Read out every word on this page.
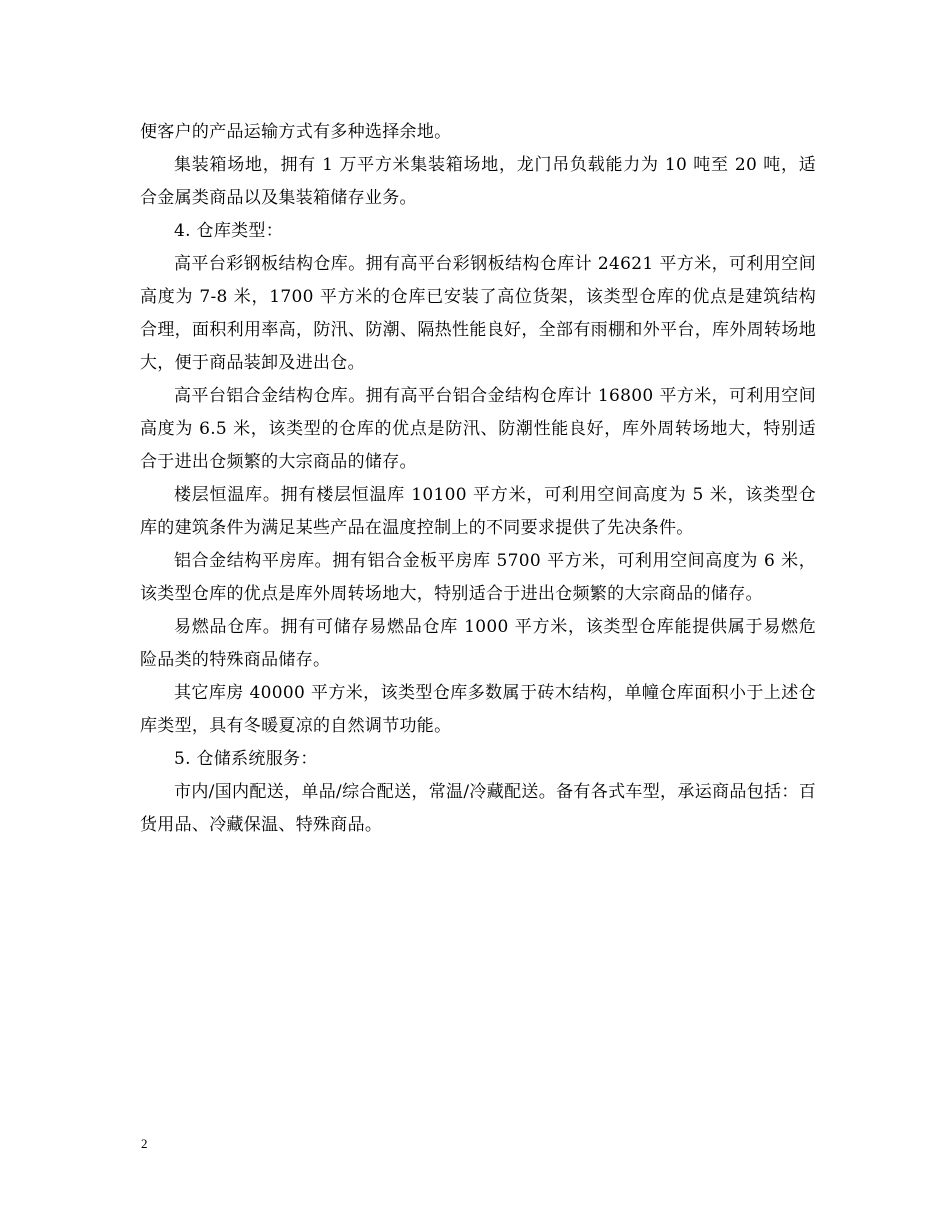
便客户的产品运输方式有多种选择余地。

集装箱场地，拥有 1 万平方米集装箱场地，龙门吊负载能力为 10 吨至 20 吨，适合金属类商品以及集装箱储存业务。

4. 仓库类型：

高平台彩钢板结构仓库。拥有高平台彩钢板结构仓库计 24621 平方米，可利用空间高度为 7-8 米，1700 平方米的仓库已安装了高位货架，该类型仓库的优点是建筑结构合理，面积利用率高，防汛、防潮、隔热性能良好，全部有雨棚和外平台，库外周转场地大，便于商品装卸及进出仓。

高平台铝合金结构仓库。拥有高平台铝合金结构仓库计 16800 平方米，可利用空间高度为 6.5 米，该类型的仓库的优点是防汛、防潮性能良好，库外周转场地大，特别适合于进出仓频繁的大宗商品的储存。

楼层恒温库。拥有楼层恒温库 10100 平方米，可利用空间高度为 5 米，该类型仓库的建筑条件为满足某些产品在温度控制上的不同要求提供了先决条件。

铝合金结构平房库。拥有铝合金板平房库 5700 平方米，可利用空间高度为 6 米，该类型仓库的优点是库外周转场地大，特别适合于进出仓频繁的大宗商品的储存。

易燃品仓库。拥有可储存易燃品仓库 1000 平方米，该类型仓库能提供属于易燃危险品类的特殊商品储存。

其它库房 40000 平方米，该类型仓库多数属于砖木结构，单幢仓库面积小于上述仓库类型，具有冬暖夏凉的自然调节功能。

5. 仓储系统服务：

市内/国内配送，单品/综合配送，常温/冷藏配送。备有各式车型，承运商品包括：百货用品、冷藏保温、特殊商品。

2
